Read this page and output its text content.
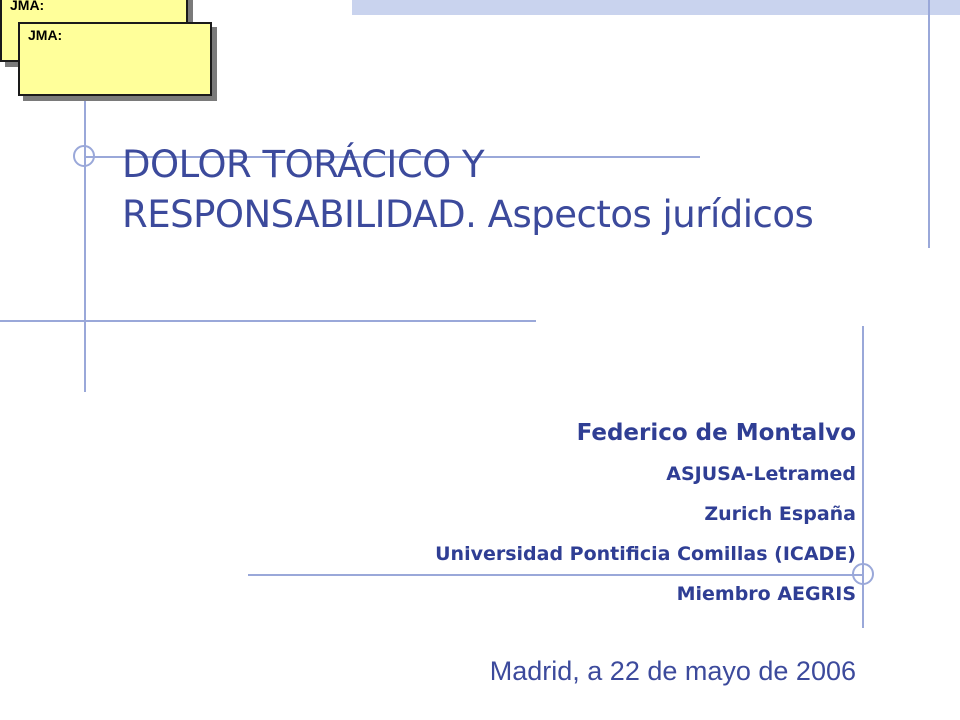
JMA:
JMA:
DOLOR TORÁCICO Y RESPONSABILIDAD. Aspectos jurídicos
Federico de Montalvo
ASJUSA-Letramed
Zurich España
Universidad Pontificia Comillas (ICADE)
Miembro AEGRIS
Madrid, a 22 de mayo de 2006
